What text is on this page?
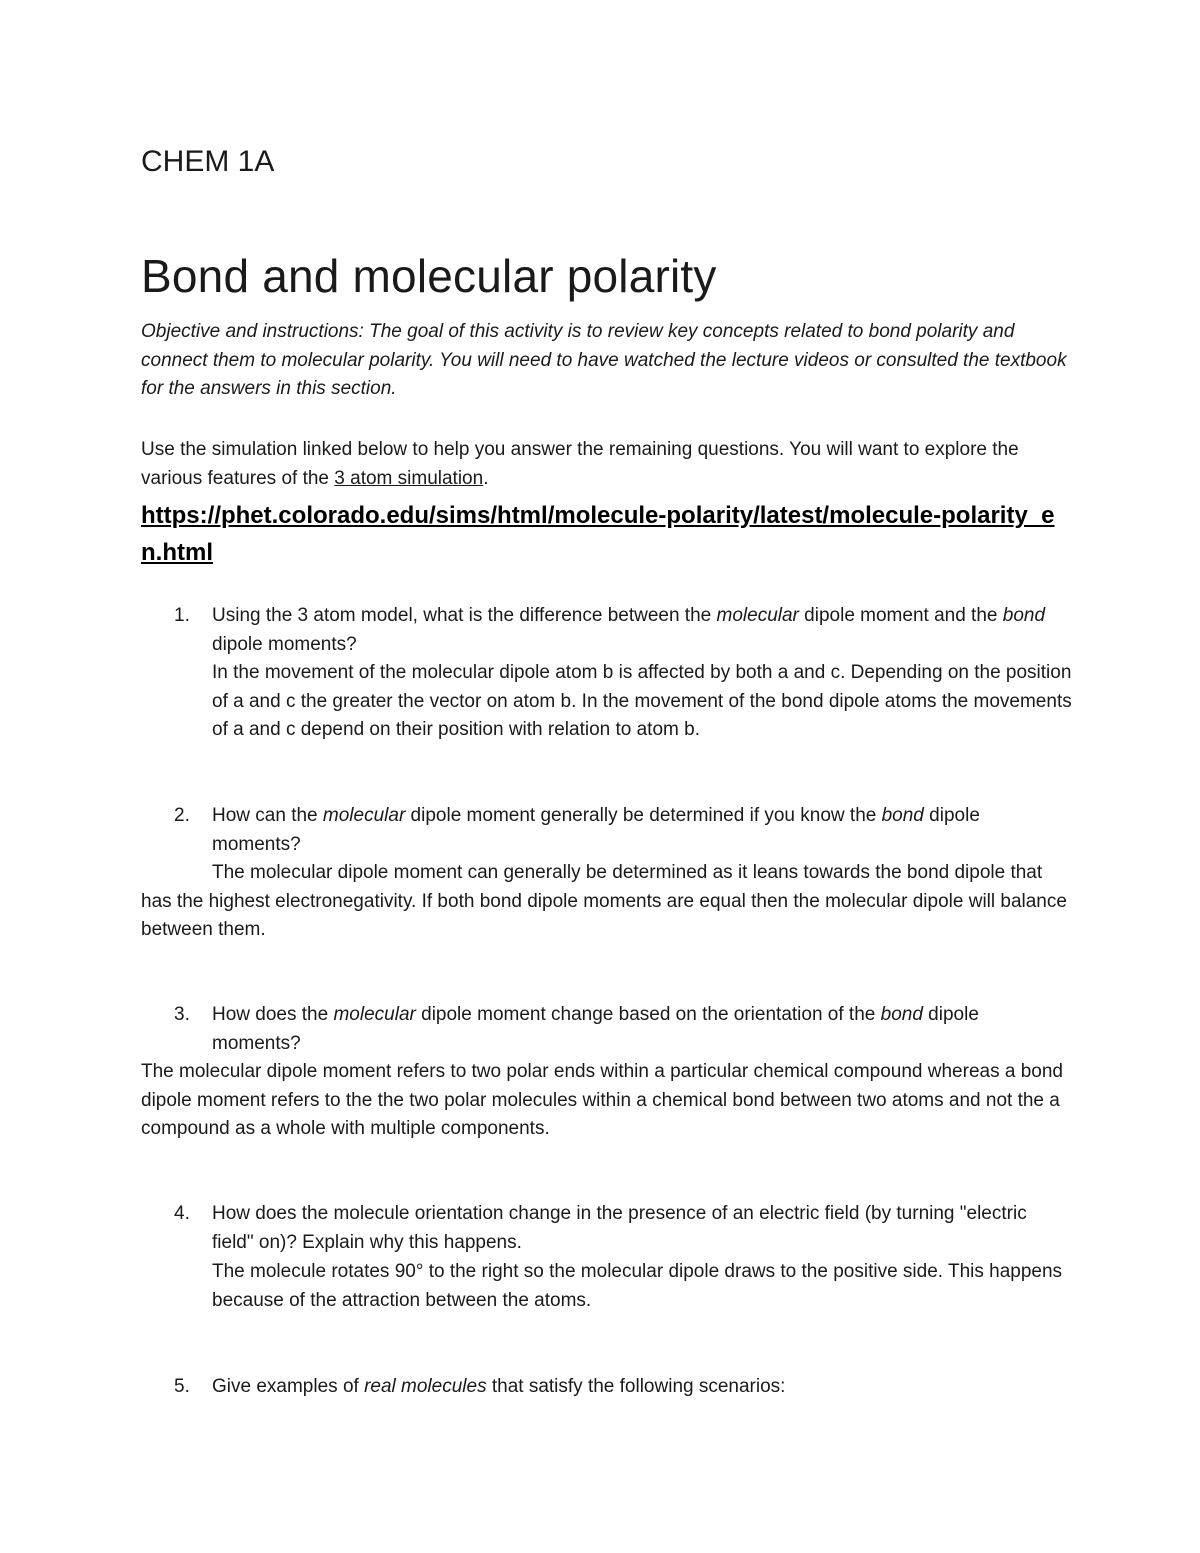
CHEM 1A
Bond and molecular polarity

Objective and instructions: The goal of this activity is to review key concepts related to bond polarity and connect them to molecular polarity. You will need to have watched the lecture videos or consulted the textbook for the answers in this section.

Use the simulation linked below to help you answer the remaining questions. You will want to explore the various features of the 3 atom simulation.

https://phet.colorado.edu/sims/html/molecule-polarity/latest/molecule-polarity_en.html
1.	Using the 3 atom model, what is the difference between the molecular dipole moment and the bond dipole moments?

In the movement of the molecular dipole atom b is affected by both a and c. Depending on the position of a and c the greater the vector on atom b. In the movement of the bond dipole atoms the movements of a and c depend on their position with relation to atom b.

2.	How can the molecular dipole moment generally be determined if you know the bond dipole moments?

The molecular dipole moment can generally be determined as it leans towards the bond dipole that has the highest electronegativity. If both bond dipole moments are equal then the molecular dipole will balance between them.

3.	How does the molecular dipole moment change based on the orientation of the bond dipole moments?

The molecular dipole moment refers to two polar ends within a particular chemical compound whereas a bond dipole moment refers to the the two polar molecules within a chemical bond between two atoms and not the a compound as a whole with multiple components.

4.	How does the molecule orientation change in the presence of an electric field (by turning "electric field" on)? Explain why this happens.

The molecule rotates 90° to the right so the molecular dipole draws to the positive side. This happens because of the attraction between the atoms.

5.	Give examples of real molecules that satisfy the following scenarios:
